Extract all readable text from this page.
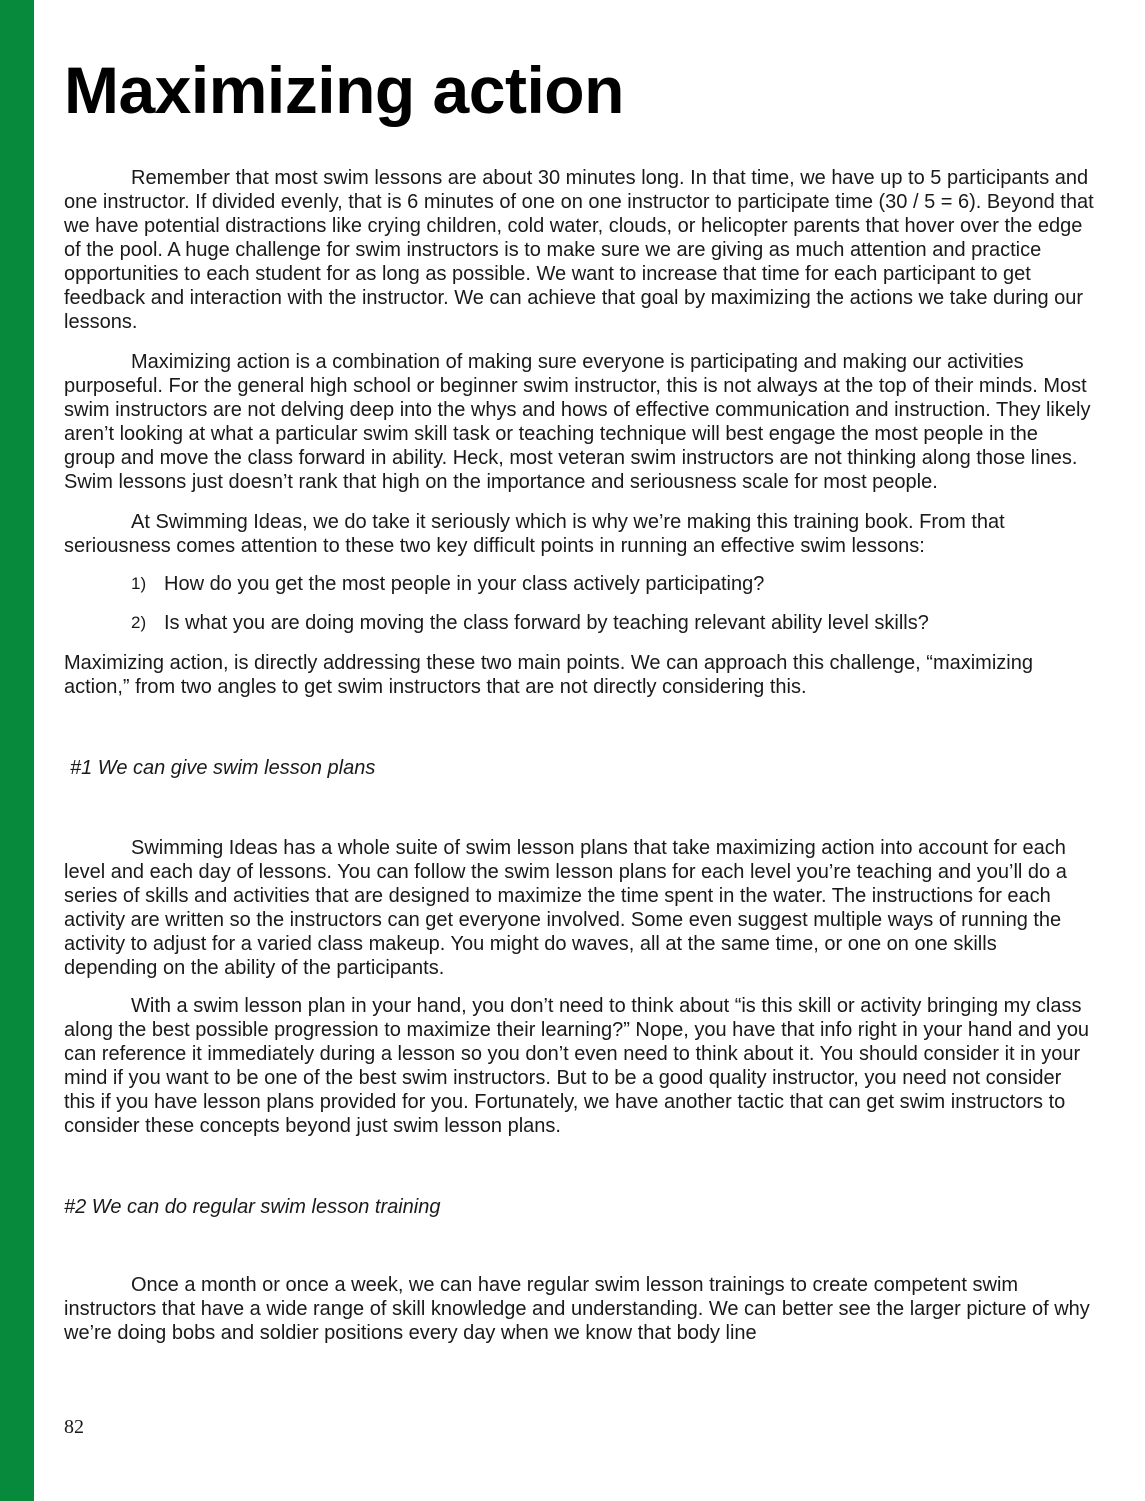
Maximizing action

Remember that most swim lessons are about 30 minutes long. In that time, we have up to 5 participants and one instructor. If divided evenly, that is 6 minutes of one on one instructor to participate time (30 / 5 = 6). Beyond that we have potential distractions like crying children, cold water, clouds, or helicopter parents that hover over the edge of the pool. A huge challenge for swim instructors is to make sure we are giving as much attention and practice opportunities to each student for as long as possible. We want to increase that time for each participant to get feedback and interaction with the instructor. We can achieve that goal by maximizing the actions we take during our lessons.

Maximizing action is a combination of making sure everyone is participating and making our activities purposeful. For the general high school or beginner swim instructor, this is not always at the top of their minds. Most swim instructors are not delving deep into the whys and hows of effective communication and instruction. They likely aren’t looking at what a particular swim skill task or teaching technique will best engage the most people in the group and move the class forward in ability. Heck, most veteran swim instructors are not thinking along those lines. Swim lessons just doesn’t rank that high on the importance and seriousness scale for most people.

At Swimming Ideas, we do take it seriously which is why we’re making this training book. From that seriousness comes attention to these two key difficult points in running an effective swim lessons:

1) How do you get the most people in your class actively participating?
2) Is what you are doing moving the class forward by teaching relevant ability level skills?

Maximizing action, is directly addressing these two main points. We can approach this challenge, “maximizing action,” from two angles to get swim instructors that are not directly considering this.

#1 We can give swim lesson plans

Swimming Ideas has a whole suite of swim lesson plans that take maximizing action into account for each level and each day of lessons. You can follow the swim lesson plans for each level you’re teaching and you’ll do a series of skills and activities that are designed to maximize the time spent in the water. The instructions for each activity are written so the instructors can get everyone involved. Some even suggest multiple ways of running the activity to adjust for a varied class makeup. You might do waves, all at the same time, or one on one skills depending on the ability of the participants.

With a swim lesson plan in your hand, you don’t need to think about “is this skill or activity bringing my class along the best possible progression to maximize their learning?” Nope, you have that info right in your hand and you can reference it immediately during a lesson so you don’t even need to think about it. You should consider it in your mind if you want to be one of the best swim instructors. But to be a good quality instructor, you need not consider this if you have lesson plans provided for you. Fortunately, we have another tactic that can get swim instructors to consider these concepts beyond just swim lesson plans.

#2 We can do regular swim lesson training

Once a month or once a week, we can have regular swim lesson trainings to create competent swim instructors that have a wide range of skill knowledge and understanding. We can better see the larger picture of why we’re doing bobs and soldier positions every day when we know that body line

82
